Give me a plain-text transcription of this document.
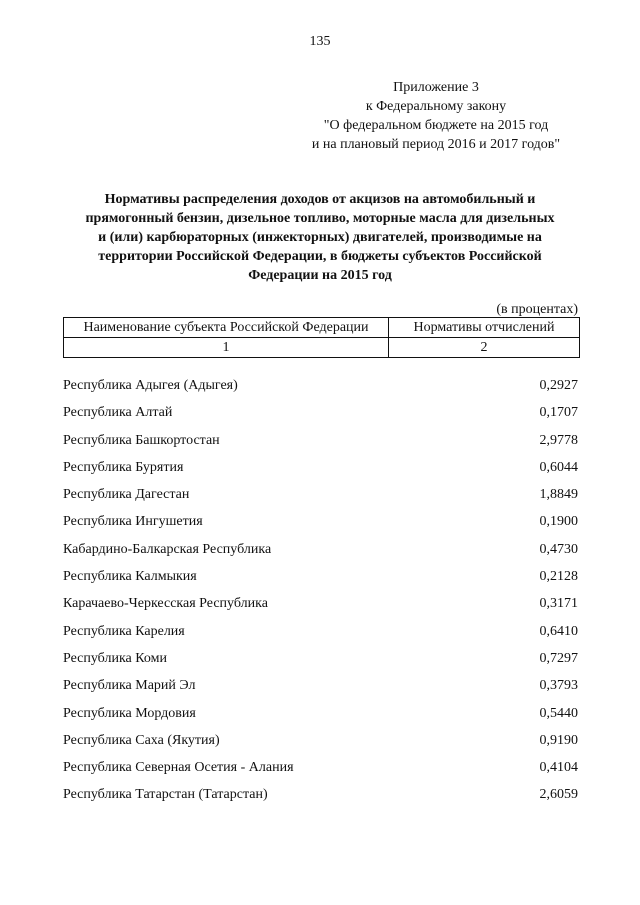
135
Приложение 3
к Федеральному закону
"О федеральном бюджете на 2015 год
и на плановый период 2016 и 2017 годов"
Нормативы распределения доходов от акцизов на автомобильный и
прямогонный бензин, дизельное топливо, моторные масла для дизельных
и (или) карбюраторных (инжекторных) двигателей, производимые на
территории Российской Федерации, в бюджеты субъектов Российской
Федерации на 2015 год
(в процентах)
Наименование субъекта Российской Федерации	Нормативы отчислений
1	2
Республика Адыгея (Адыгея)	0,2927
Республика Алтай	0,1707
Республика Башкортостан	2,9778
Республика Бурятия	0,6044
Республика Дагестан	1,8849
Республика Ингушетия	0,1900
Кабардино-Балкарская Республика	0,4730
Республика Калмыкия	0,2128
Карачаево-Черкесская Республика	0,3171
Республика Карелия	0,6410
Республика Коми	0,7297
Республика Марий Эл	0,3793
Республика Мордовия	0,5440
Республика Саха (Якутия)	0,9190
Республика Северная Осетия - Алания	0,4104
Республика Татарстан (Татарстан)	2,6059
